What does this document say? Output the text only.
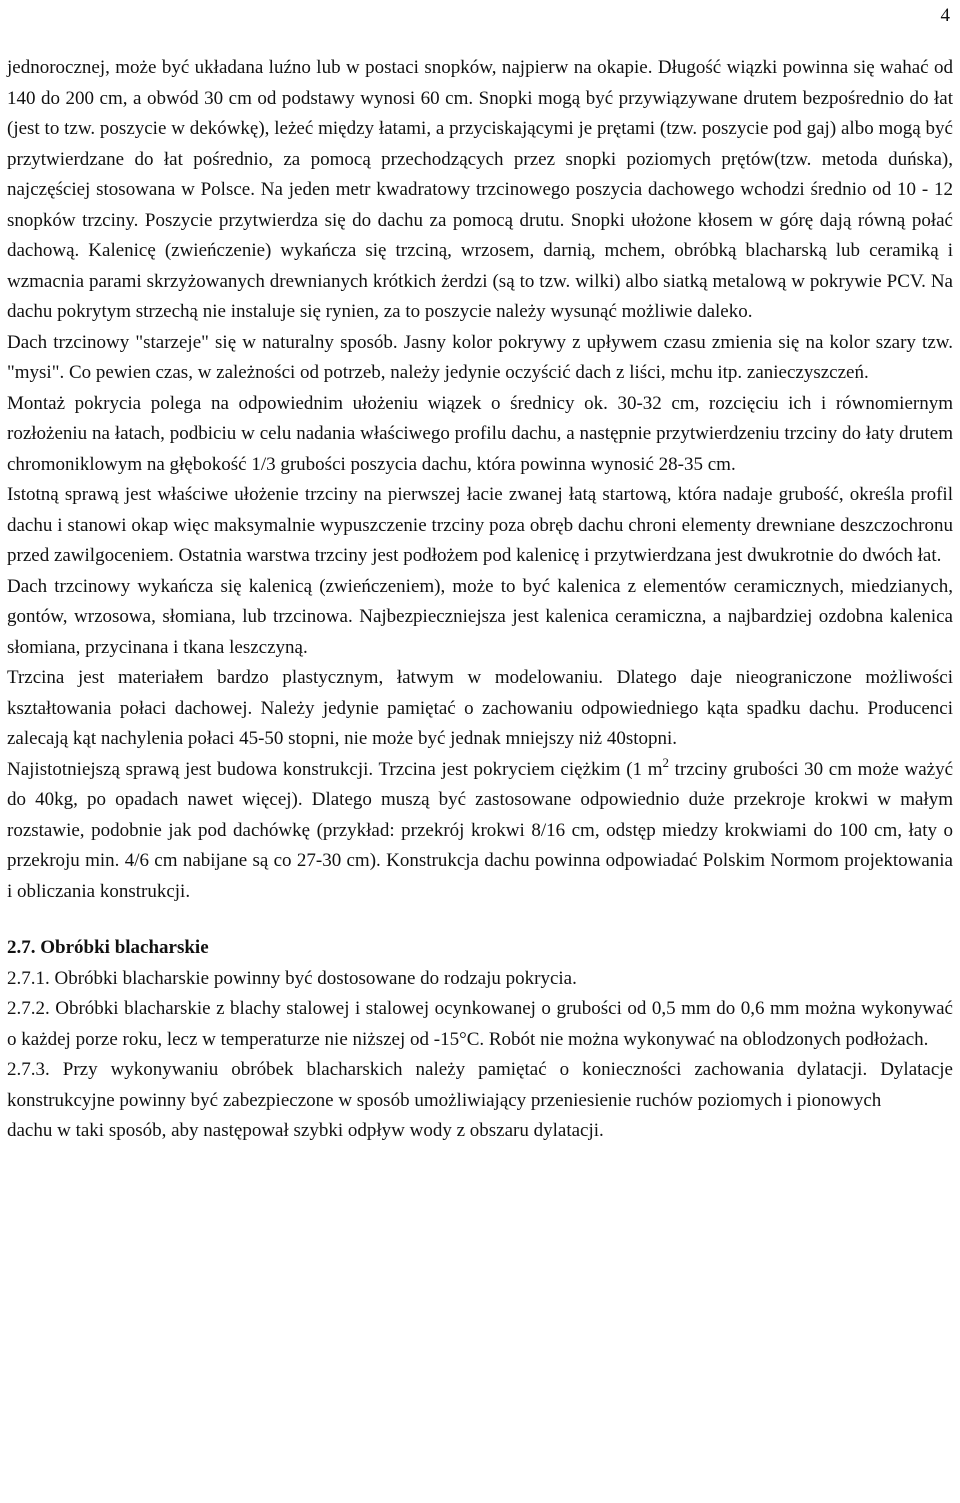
4

jednorocznej, może być układana luźno lub w postaci snopków, najpierw na okapie. Długość wiązki powinna się wahać od 140 do 200 cm, a obwód 30 cm od podstawy wynosi 60 cm. Snopki mogą być przywiązywane drutem bezpośrednio do łat (jest to tzw. poszycie w dekówkę), leżeć między łatami, a przyciskającymi je prętami (tzw. poszycie pod gaj) albo mogą być przytwierdzane do łat pośrednio, za pomocą przechodzących przez snopki poziomych prętów(tzw. metoda duńska), najczęściej stosowana w Polsce. Na jeden metr kwadratowy trzcinowego poszycia dachowego wchodzi średnio od 10 - 12 snopków trzciny. Poszycie przytwierdza się do dachu za pomocą drutu. Snopki ułożone kłosem w górę dają równą połać dachową. Kalenicę (zwieńczenie) wykańcza się trzciną, wrzosem, darnią, mchem, obróbką blacharską lub ceramiką i wzmacnia parami skrzyżowanych drewnianych krótkich żerdzi (są to tzw. wilki) albo siatką metalową w pokrywie PCV. Na dachu pokrytym strzechą nie instaluje się rynien, za to poszycie należy wysunąć możliwie daleko.

Dach trzcinowy "starzeje" się w naturalny sposób. Jasny kolor pokrywy z upływem czasu zmienia się na kolor szary tzw. "mysi". Co pewien czas, w zależności od potrzeb, należy jedynie oczyścić dach z liści, mchu itp. zanieczyszczeń.

Montaż pokrycia polega na odpowiednim ułożeniu wiązek o średnicy ok. 30-32 cm, rozcięciu ich i równomiernym rozłożeniu na łatach, podbiciu w celu nadania właściwego profilu dachu, a następnie przytwierdzeniu trzciny do łaty drutem chromoniklowym na głębokość 1/3 grubości poszycia dachu, która powinna wynosić 28-35 cm.

Istotną sprawą jest właściwe ułożenie trzciny na pierwszej łacie zwanej łatą startową, która nadaje grubość, określa profil dachu i stanowi okap więc maksymalnie wypuszczenie trzciny poza obręb dachu chroni elementy drewniane deszczochronu przed zawilgoceniem. Ostatnia warstwa trzciny jest podłożem pod kalenicę i przytwierdzana jest dwukrotnie do dwóch łat.

Dach trzcinowy wykańcza się kalenicą (zwieńczeniem), może to być kalenica z elementów ceramicznych, miedzianych, gontów, wrzosowa, słomiana, lub trzcinowa. Najbezpieczniejsza jest kalenica ceramiczna, a najbardziej ozdobna kalenica słomiana, przycinana i tkana leszczyną.

Trzcina jest materiałem bardzo plastycznym, łatwym w modelowaniu. Dlatego daje nieograniczone możliwości kształtowania połaci dachowej. Należy jedynie pamiętać o zachowaniu odpowiedniego kąta spadku dachu. Producenci zalecają kąt nachylenia połaci 45-50 stopni, nie może być jednak mniejszy niż 40stopni.

Najistotniejszą sprawą jest budowa konstrukcji. Trzcina jest pokryciem ciężkim (1 $m^2$ trzciny grubości 30 cm może ważyć do 40kg, po opadach nawet więcej). Dlatego muszą być zastosowane odpowiednio duże przekroje krokwi w małym rozstawie, podobnie jak pod dachówkę (przykład: przekrój krokwi 8/16 cm, odstęp miedzy krokwiami do 100 cm, łaty o przekroju min. 4/6 cm nabijane są co 27-30 cm). Konstrukcja dachu powinna odpowiadać Polskim Normom projektowania i obliczania konstrukcji.

2.7. Obróbki blacharskie

2.7.1. Obróbki blacharskie powinny być dostosowane do rodzaju pokrycia.

2.7.2. Obróbki blacharskie z blachy stalowej i stalowej ocynkowanej o grubości od 0,5 mm do 0,6 mm można wykonywać o każdej porze roku, lecz w temperaturze nie niższej od -15°C. Robót nie można wykonywać na oblodzonych podłożach.

2.7.3. Przy wykonywaniu obróbek blacharskich należy pamiętać o konieczności zachowania dylatacji. Dylatacje konstrukcyjne powinny być zabezpieczone w sposób umożliwiający przeniesienie ruchów poziomych i pionowych

dachu w taki sposób, aby następował szybki odpływ wody z obszaru dylatacji.
